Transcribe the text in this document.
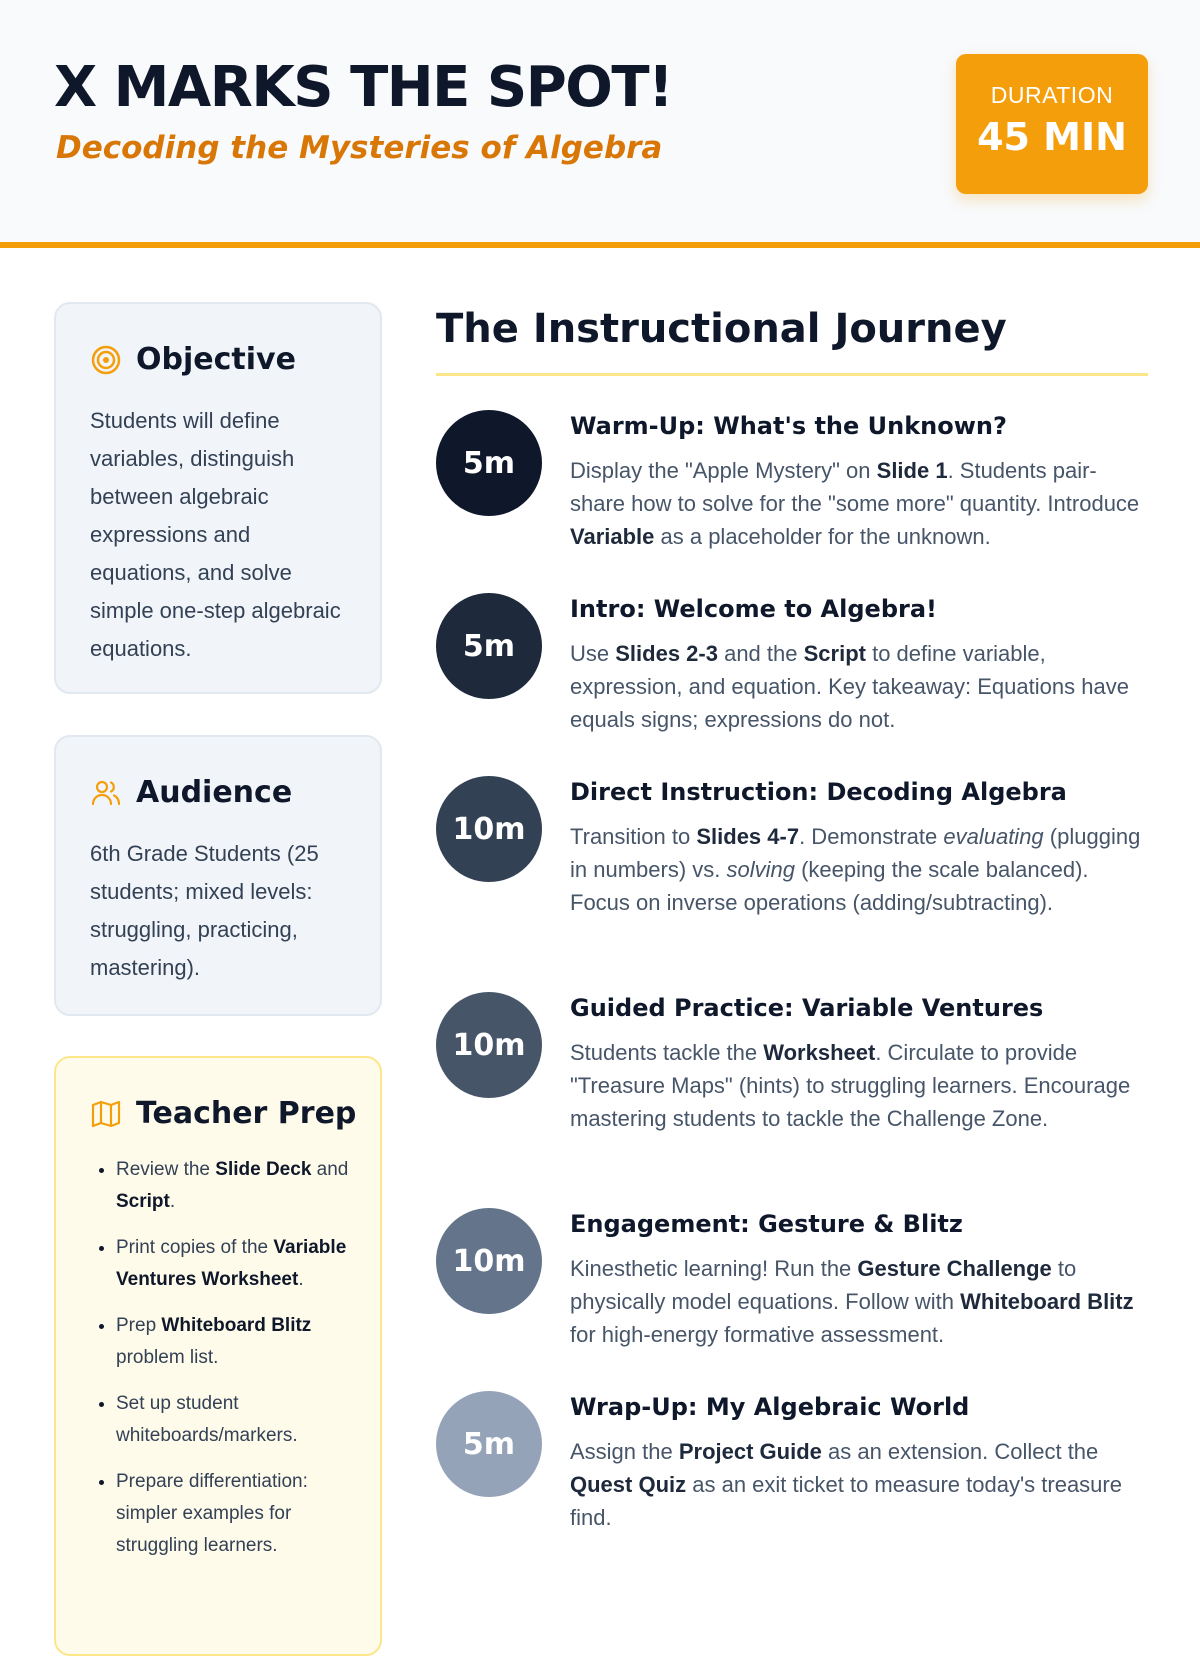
X MARKS THE SPOT!

Decoding the Mysteries of Algebra

DURATION
45 MIN
Objective

Students will define variables, distinguish between algebraic expressions and equations, and solve simple one-step algebraic equations.

Audience

6th Grade Students (25 students; mixed levels: struggling, practicing, mastering).

Teacher Prep
• Review the Slide Deck and Script.
• Print copies of the Variable Ventures Worksheet.
• Prep Whiteboard Blitz problem list.
• Set up student whiteboards/markers.
• Prepare differentiation: simpler examples for struggling learners.
The Instructional Journey
5m
Warm-Up: What's the Unknown?

Display the "Apple Mystery" on Slide 1. Students pair-share how to solve for the "some more" quantity. Introduce Variable as a placeholder for the unknown.

5m
Intro: Welcome to Algebra!

Use Slides 2-3 and the Script to define variable, expression, and equation. Key takeaway: Equations have equals signs; expressions do not.

10m
Direct Instruction: Decoding Algebra

Transition to Slides 4-7. Demonstrate evaluating (plugging in numbers) vs. solving (keeping the scale balanced). Focus on inverse operations (adding/subtracting).

10m
Guided Practice: Variable Ventures

Students tackle the Worksheet. Circulate to provide "Treasure Maps" (hints) to struggling learners. Encourage mastering students to tackle the Challenge Zone.

10m
Engagement: Gesture & Blitz

Kinesthetic learning! Run the Gesture Challenge to physically model equations. Follow with Whiteboard Blitz for high-energy formative assessment.

5m
Wrap-Up: My Algebraic World

Assign the Project Guide as an extension. Collect the Quest Quiz as an exit ticket to measure today's treasure find.
